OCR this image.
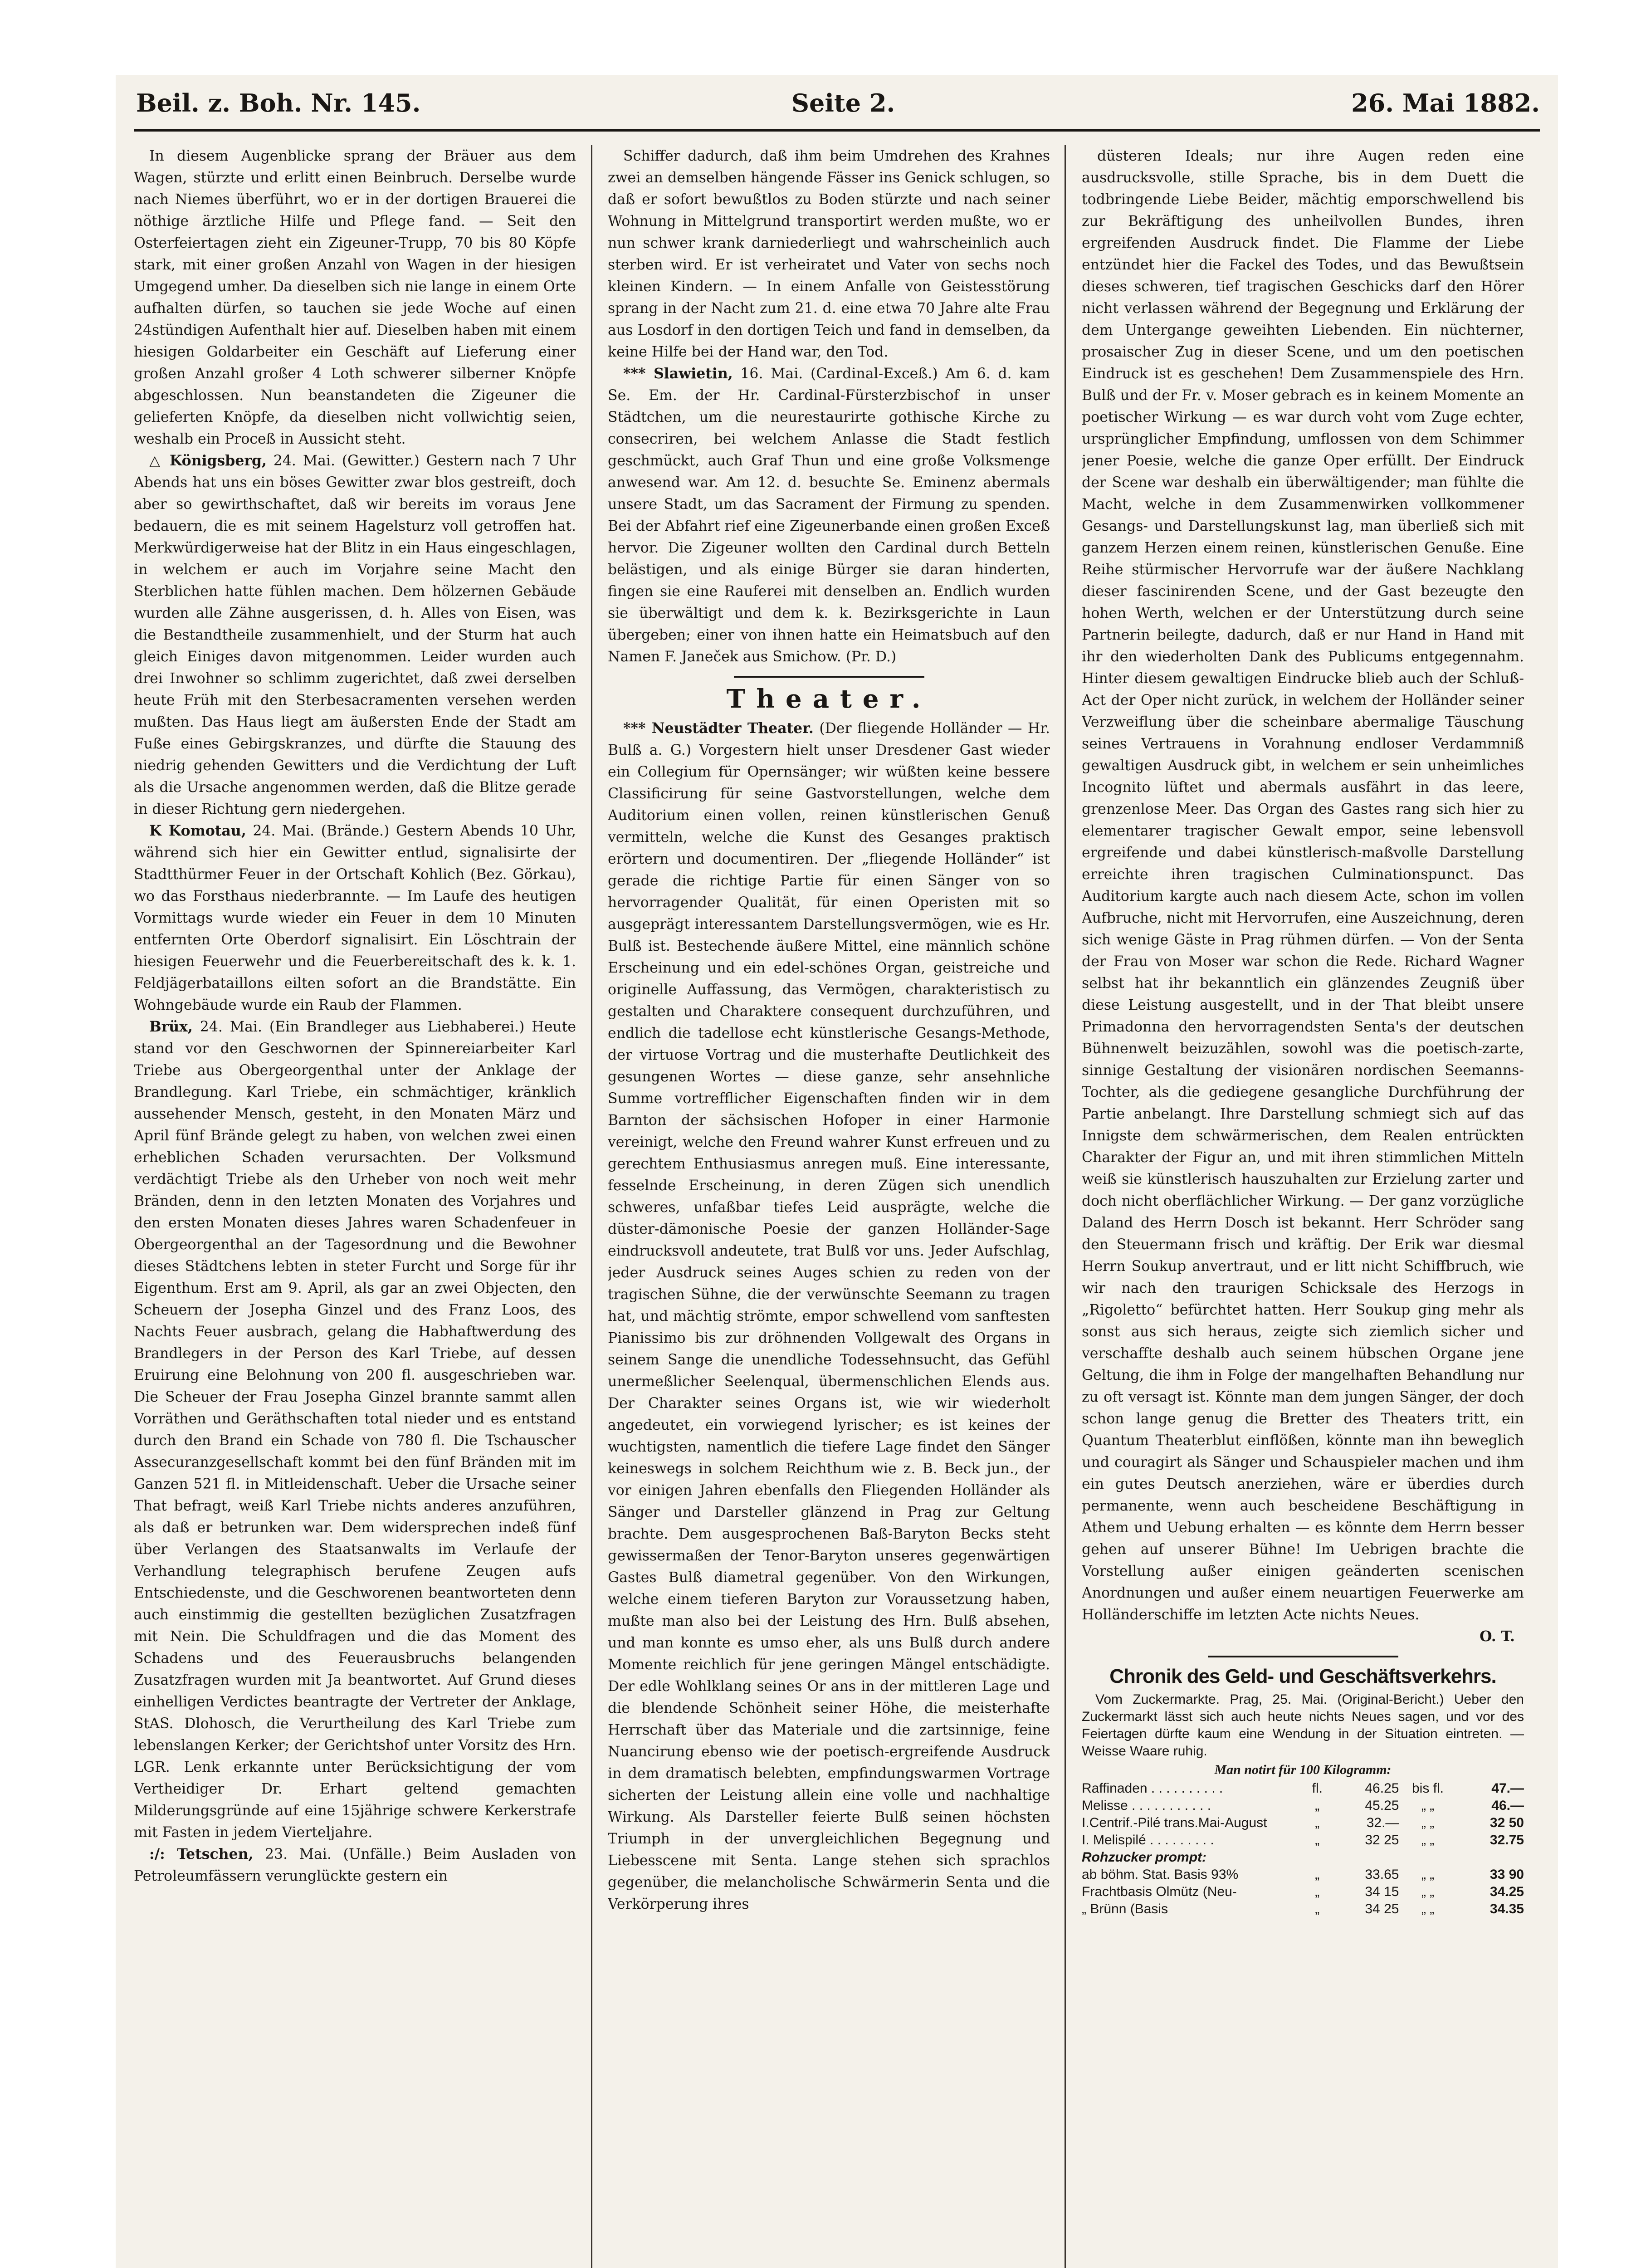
Beil. z. Boh. Nr. 145.	Seite 2.	26. Mai 1882.

In diesem Augenblicke sprang der Bräuer aus dem Wagen, stürzte und erlitt einen Beinbruch. Derselbe wurde nach Niemes überführt, wo er in der dortigen Brauerei die nöthige ärztliche Hilfe und Pflege fand. — Seit den Osterfeiertagen zieht ein Zigeuner-Trupp, 70 bis 80 Köpfe stark, mit einer großen Anzahl von Wagen in der hiesigen Umgegend umher. Da dieselben sich nie lange in einem Orte aufhalten dürfen, so tauchen sie jede Woche auf einen 24stündigen Aufenthalt hier auf. Dieselben haben mit einem hiesigen Goldarbeiter ein Geschäft auf Lieferung einer großen Anzahl großer 4 Loth schwerer silberner Knöpfe abgeschlossen. Nun beanstandeten die Zigeuner die gelieferten Knöpfe, da dieselben nicht vollwichtig seien, weshalb ein Proceß in Aussicht steht.

△ Königsberg, 24. Mai. (Gewitter.) Gestern nach 7 Uhr Abends hat uns ein böses Gewitter zwar blos gestreift, doch aber so gewirthschaftet, daß wir bereits im voraus Jene bedauern, die es mit seinem Hagelsturz voll getroffen hat. Merkwürdigerweise hat der Blitz in ein Haus eingeschlagen, in welchem er auch im Vorjahre seine Macht den Sterblichen hatte fühlen machen. Dem hölzernen Gebäude wurden alle Zähne ausgerissen, d. h. Alles von Eisen, was die Bestandtheile zusammenhielt, und der Sturm hat auch gleich Einiges davon mitgenommen. Leider wurden auch drei Inwohner so schlimm zugerichtet, daß zwei derselben heute Früh mit den Sterbesacramenten versehen werden mußten. Das Haus liegt am äußersten Ende der Stadt am Fuße eines Gebirgskranzes, und dürfte die Stauung des niedrig gehenden Gewitters und die Verdichtung der Luft als die Ursache angenommen werden, daß die Blitze gerade in dieser Richtung gern niedergehen.

K Komotau, 24. Mai. (Brände.) Gestern Abends 10 Uhr, während sich hier ein Gewitter entlud, signalisirte der Stadtthürmer Feuer in der Ortschaft Kohlich (Bez. Görkau), wo das Forsthaus niederbrannte. — Im Laufe des heutigen Vormittags wurde wieder ein Feuer in dem 10 Minuten entfernten Orte Oberdorf signalisirt. Ein Löschtrain der hiesigen Feuerwehr und die Feuerbereitschaft des k. k. 1. Feldjägerbataillons eilten sofort an die Brandstätte. Ein Wohngebäude wurde ein Raub der Flammen.

Brüx, 24. Mai. (Ein Brandleger aus Liebhaberei.) Heute stand vor den Geschwornen der Spinnereiarbeiter Karl Triebe aus Obergeorgenthal unter der Anklage der Brandlegung. Karl Triebe, ein schmächtiger, kränklich aussehender Mensch, gesteht, in den Monaten März und April fünf Brände gelegt zu haben, von welchen zwei einen erheblichen Schaden verursachten. Der Volksmund verdächtigt Triebe als den Urheber von noch weit mehr Bränden, denn in den letzten Monaten des Vorjahres und den ersten Monaten dieses Jahres waren Schadenfeuer in Obergeorgenthal an der Tagesordnung und die Bewohner dieses Städtchens lebten in steter Furcht und Sorge für ihr Eigenthum. Erst am 9. April, als gar an zwei Objecten, den Scheuern der Josepha Ginzel und des Franz Loos, des Nachts Feuer ausbrach, gelang die Habhaftwerdung des Brandlegers in der Person des Karl Triebe, auf dessen Eruirung eine Belohnung von 200 fl. ausgeschrieben war. Die Scheuer der Frau Josepha Ginzel brannte sammt allen Vorräthen und Geräthschaften total nieder und es entstand durch den Brand ein Schade von 780 fl. Die Tschauscher Assecuranzgesellschaft kommt bei den fünf Bränden mit im Ganzen 521 fl. in Mitleidenschaft. Ueber die Ursache seiner That befragt, weiß Karl Triebe nichts anderes anzuführen, als daß er betrunken war. Dem widersprechen indeß fünf über Verlangen des Staatsanwalts im Verlaufe der Verhandlung telegraphisch berufene Zeugen aufs Entschiedenste, und die Geschworenen beantworteten denn auch einstimmig die gestellten bezüglichen Zusatzfragen mit Nein. Die Schuldfragen und die das Moment des Schadens und des Feuerausbruchs belangenden Zusatzfragen wurden mit Ja beantwortet. Auf Grund dieses einhelligen Verdictes beantragte der Vertreter der Anklage, StAS. Dlohosch, die Verurtheilung des Karl Triebe zum lebenslangen Kerker; der Gerichtshof unter Vorsitz des Hrn. LGR. Lenk erkannte unter Berücksichtigung der vom Vertheidiger Dr. Erhart geltend gemachten Milderungsgründe auf eine 15jährige schwere Kerkerstrafe mit Fasten in jedem Vierteljahre.

:/: Tetschen, 23. Mai. (Unfälle.) Beim Ausladen von Petroleumfässern verunglückte gestern ein

Schiffer dadurch, daß ihm beim Umdrehen des Krahnes zwei an demselben hängende Fässer ins Genick schlugen, so daß er sofort bewußtlos zu Boden stürzte und nach seiner Wohnung in Mittelgrund transportirt werden mußte, wo er nun schwer krank darniederliegt und wahrscheinlich auch sterben wird. Er ist verheiratet und Vater von sechs noch kleinen Kindern. — In einem Anfalle von Geistesstörung sprang in der Nacht zum 21. d. eine etwa 70 Jahre alte Frau aus Losdorf in den dortigen Teich und fand in demselben, da keine Hilfe bei der Hand war, den Tod.

*** Slawietin, 16. Mai. (Cardinal-Exceß.) Am 6. d. kam Se. Em. der Hr. Cardinal-Fürsterzbischof in unser Städtchen, um die neurestaurirte gothische Kirche zu consecriren, bei welchem Anlasse die Stadt festlich geschmückt, auch Graf Thun und eine große Volksmenge anwesend war. Am 12. d. besuchte Se. Eminenz abermals unsere Stadt, um das Sacrament der Firmung zu spenden. Bei der Abfahrt rief eine Zigeunerbande einen großen Exceß hervor. Die Zigeuner wollten den Cardinal durch Betteln belästigen, und als einige Bürger sie daran hinderten, fingen sie eine Rauferei mit denselben an. Endlich wurden sie überwältigt und dem k. k. Bezirksgerichte in Laun übergeben; einer von ihnen hatte ein Heimatsbuch auf den Namen F. Janeček aus Smichow. (Pr. D.)

Theater.

*** Neustädter Theater. (Der fliegende Holländer — Hr. Bulß a. G.) Vorgestern hielt unser Dresdener Gast wieder ein Collegium für Opernsänger; wir wüßten keine bessere Classificirung für seine Gastvorstellungen, welche dem Auditorium einen vollen, reinen künstlerischen Genuß vermitteln, welche die Kunst des Gesanges praktisch erörtern und documentiren. Der „fliegende Holländer“ ist gerade die richtige Partie für einen Sänger von so hervorragender Qualität, für einen Operisten mit so ausgeprägt interessantem Darstellungsvermögen, wie es Hr. Bulß ist. Bestechende äußere Mittel, eine männlich schöne Erscheinung und ein edel-schönes Organ, geistreiche und originelle Auffassung, das Vermögen, charakteristisch zu gestalten und Charaktere consequent durchzuführen, und endlich die tadellose echt künstlerische Gesangs-Methode, der virtuose Vortrag und die musterhafte Deutlichkeit des gesungenen Wortes — diese ganze, sehr ansehnliche Summe vortrefflicher Eigenschaften finden wir in dem Barnton der sächsischen Hofoper in einer Harmonie vereinigt, welche den Freund wahrer Kunst erfreuen und zu gerechtem Enthusiasmus anregen muß. Eine interessante, fesselnde Erscheinung, in deren Zügen sich unendlich schweres, unfaßbar tiefes Leid ausprägte, welche die düster-dämonische Poesie der ganzen Holländer-Sage eindrucksvoll andeutete, trat Bulß vor uns. Jeder Aufschlag, jeder Ausdruck seines Auges schien zu reden von der tragischen Sühne, die der verwünschte Seemann zu tragen hat, und mächtig strömte, empor schwellend vom sanftesten Pianissimo bis zur dröhnenden Vollgewalt des Organs in seinem Sange die unendliche Todessehnsucht, das Gefühl unermeßlicher Seelenqual, übermenschlichen Elends aus. Der Charakter seines Organs ist, wie wir wiederholt angedeutet, ein vorwiegend lyrischer; es ist keines der wuchtigsten, namentlich die tiefere Lage findet den Sänger keineswegs in solchem Reichthum wie z. B. Beck jun., der vor einigen Jahren ebenfalls den Fliegenden Holländer als Sänger und Darsteller glänzend in Prag zur Geltung brachte. Dem ausgesprochenen Baß-Baryton Becks steht gewissermaßen der Tenor-Baryton unseres gegenwärtigen Gastes Bulß diametral gegenüber. Von den Wirkungen, welche einem tieferen Baryton zur Voraussetzung haben, mußte man also bei der Leistung des Hrn. Bulß absehen, und man konnte es umso eher, als uns Bulß durch andere Momente reichlich für jene geringen Mängel entschädigte. Der edle Wohlklang seines Or ans in der mittleren Lage und die blendende Schönheit seiner Höhe, die meisterhafte Herrschaft über das Materiale und die zartsinnige, feine Nuancirung ebenso wie der poetisch-ergreifende Ausdruck in dem dramatisch belebten, empfindungswarmen Vortrage sicherten der Leistung allein eine volle und nachhaltige Wirkung. Als Darsteller feierte Bulß seinen höchsten Triumph in der unvergleichlichen Begegnung und Liebesscene mit Senta. Lange stehen sich sprachlos gegenüber, die melancholische Schwärmerin Senta und die Verkörperung ihres

düsteren Ideals; nur ihre Augen reden eine ausdrucksvolle, stille Sprache, bis in dem Duett die todbringende Liebe Beider, mächtig emporschwellend bis zur Bekräftigung des unheilvollen Bundes, ihren ergreifenden Ausdruck findet. Die Flamme der Liebe entzündet hier die Fackel des Todes, und das Bewußtsein dieses schweren, tief tragischen Geschicks darf den Hörer nicht verlassen während der Begegnung und Erklärung der dem Untergange geweihten Liebenden. Ein nüchterner, prosaischer Zug in dieser Scene, und um den poetischen Eindruck ist es geschehen! Dem Zusammenspiele des Hrn. Bulß und der Fr. v. Moser gebrach es in keinem Momente an poetischer Wirkung — es war durch voht vom Zuge echter, ursprünglicher Empfindung, umflossen von dem Schimmer jener Poesie, welche die ganze Oper erfüllt. Der Eindruck der Scene war deshalb ein überwältigender; man fühlte die Macht, welche in dem Zusammenwirken vollkommener Gesangs- und Darstellungskunst lag, man überließ sich mit ganzem Herzen einem reinen, künstlerischen Genuße. Eine Reihe stürmischer Hervorrufe war der äußere Nachklang dieser fascinirenden Scene, und der Gast bezeugte den hohen Werth, welchen er der Unterstützung durch seine Partnerin beilegte, dadurch, daß er nur Hand in Hand mit ihr den wiederholten Dank des Publicums entgegennahm. Hinter diesem gewaltigen Eindrucke blieb auch der Schluß-Act der Oper nicht zurück, in welchem der Holländer seiner Verzweiflung über die scheinbare abermalige Täuschung seines Vertrauens in Vorahnung endloser Verdammniß gewaltigen Ausdruck gibt, in welchem er sein unheimliches Incognito lüftet und abermals ausfährt in das leere, grenzenlose Meer. Das Organ des Gastes rang sich hier zu elementarer tragischer Gewalt empor, seine lebensvoll ergreifende und dabei künstlerisch-maßvolle Darstellung erreichte ihren tragischen Culminationspunct. Das Auditorium kargte auch nach diesem Acte, schon im vollen Aufbruche, nicht mit Hervorrufen, eine Auszeichnung, deren sich wenige Gäste in Prag rühmen dürfen. — Von der Senta der Frau von Moser war schon die Rede. Richard Wagner selbst hat ihr bekanntlich ein glänzendes Zeugniß über diese Leistung ausgestellt, und in der That bleibt unsere Primadonna den hervorragendsten Senta's der deutschen Bühnenwelt beizuzählen, sowohl was die poetisch-zarte, sinnige Gestaltung der visionären nordischen Seemanns-Tochter, als die gediegene gesangliche Durchführung der Partie anbelangt. Ihre Darstellung schmiegt sich auf das Innigste dem schwärmerischen, dem Realen entrückten Charakter der Figur an, und mit ihren stimmlichen Mitteln weiß sie künstlerisch hauszuhalten zur Erzielung zarter und doch nicht oberflächlicher Wirkung. — Der ganz vorzügliche Daland des Herrn Dosch ist bekannt. Herr Schröder sang den Steuermann frisch und kräftig. Der Erik war diesmal Herrn Soukup anvertraut, und er litt nicht Schiffbruch, wie wir nach den traurigen Schicksale des Herzogs in „Rigoletto“ befürchtet hatten. Herr Soukup ging mehr als sonst aus sich heraus, zeigte sich ziemlich sicher und verschaffte deshalb auch seinem hübschen Organe jene Geltung, die ihm in Folge der mangelhaften Behandlung nur zu oft versagt ist. Könnte man dem jungen Sänger, der doch schon lange genug die Bretter des Theaters tritt, ein Quantum Theaterblut einflößen, könnte man ihn beweglich und couragirt als Sänger und Schauspieler machen und ihm ein gutes Deutsch anerziehen, wäre er überdies durch permanente, wenn auch bescheidene Beschäftigung in Athem und Uebung erhalten — es könnte dem Herrn besser gehen auf unserer Bühne! Im Uebrigen brachte die Vorstellung außer einigen geänderten scenischen Anordnungen und außer einem neuartigen Feuerwerke am Holländerschiffe im letzten Acte nichts Neues.

O. T.
Chronik des Geld- und Geschäftsverkehrs.

Vom Zuckermarkte. Prag, 25. Mai. (Original-Bericht.) Ueber den Zuckermarkt lässt sich auch heute nichts Neues sagen, und vor des Feiertagen dürfte kaum eine Wendung in der Situation eintreten. — Weisse Waare ruhig.

Man notirt für 100 Kilogramm:
Raffinaden . . . . . . . . . .	fl.	46.25	bis fl.	47.—
Melisse . . . . . . . . . . .	„	45.25	„ „	46.—
I.Centrif.-Pilé trans.Mai-August	„	32.—	„ „	32 50
I. Melispilé . . . . . . . . .	„	32 25	„ „	32.75
Rohzucker prompt:				
ab böhm. Stat. Basis 93%	„	33.65	„ „	33 90
Frachtbasis Olmütz (Neu-	„	34 15	„ „	34.25
„ Brünn (Basis	„	34 25	„ „	34.35
